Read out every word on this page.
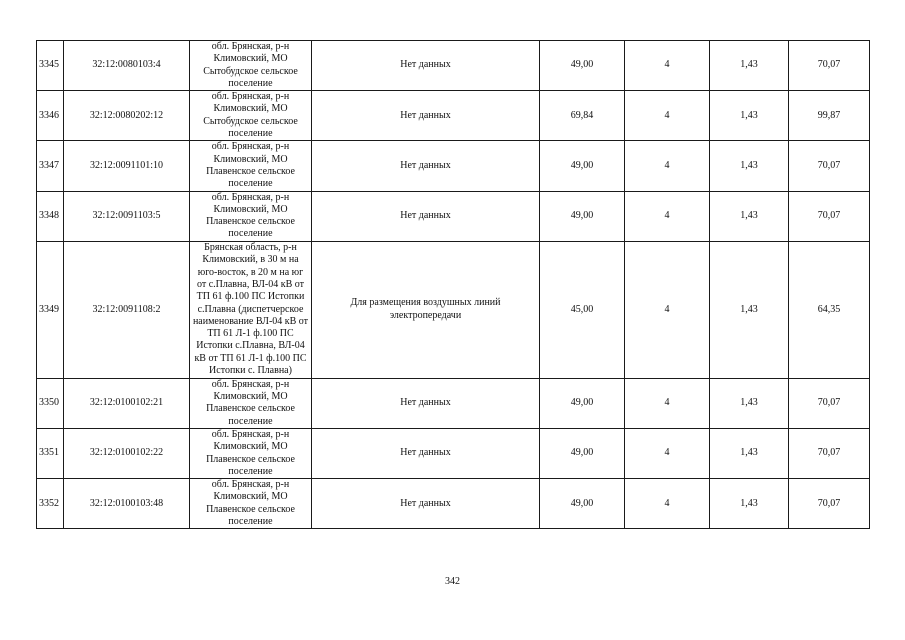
3345	32:12:0080103:4	обл. Брянская, р-н Климовский, МО Сытобудское сельское поселение	Нет данных	49,00	4	1,43	70,07
3346	32:12:0080202:12	обл. Брянская, р-н Климовский, МО Сытобудское сельское поселение	Нет данных	69,84	4	1,43	99,87
3347	32:12:0091101:10	обл. Брянская, р-н Климовский, МО Плавенское сельское поселение	Нет данных	49,00	4	1,43	70,07
3348	32:12:0091103:5	обл. Брянская, р-н Климовский, МО Плавенское сельское поселение	Нет данных	49,00	4	1,43	70,07
3349	32:12:0091108:2	Брянская область, р-н Климовский, в 30 м на юго-восток, в 20 м на юг от с.Плавна, ВЛ-04 кВ от ТП 61 ф.100 ПС Истопки с.Плавна (диспетчерское наименование ВЛ-04 кВ от ТП 61 Л-1 ф.100 ПС Истопки с.Плавна, ВЛ-04 кВ от ТП 61 Л-1 ф.100 ПС Истопки с. Плавна)	Для размещения воздушных линий электропередачи	45,00	4	1,43	64,35
3350	32:12:0100102:21	обл. Брянская, р-н Климовский, МО Плавенское сельское поселение	Нет данных	49,00	4	1,43	70,07
3351	32:12:0100102:22	обл. Брянская, р-н Климовский, МО Плавенское сельское поселение	Нет данных	49,00	4	1,43	70,07
3352	32:12:0100103:48	обл. Брянская, р-н Климовский, МО Плавенское сельское поселение	Нет данных	49,00	4	1,43	70,07
342
